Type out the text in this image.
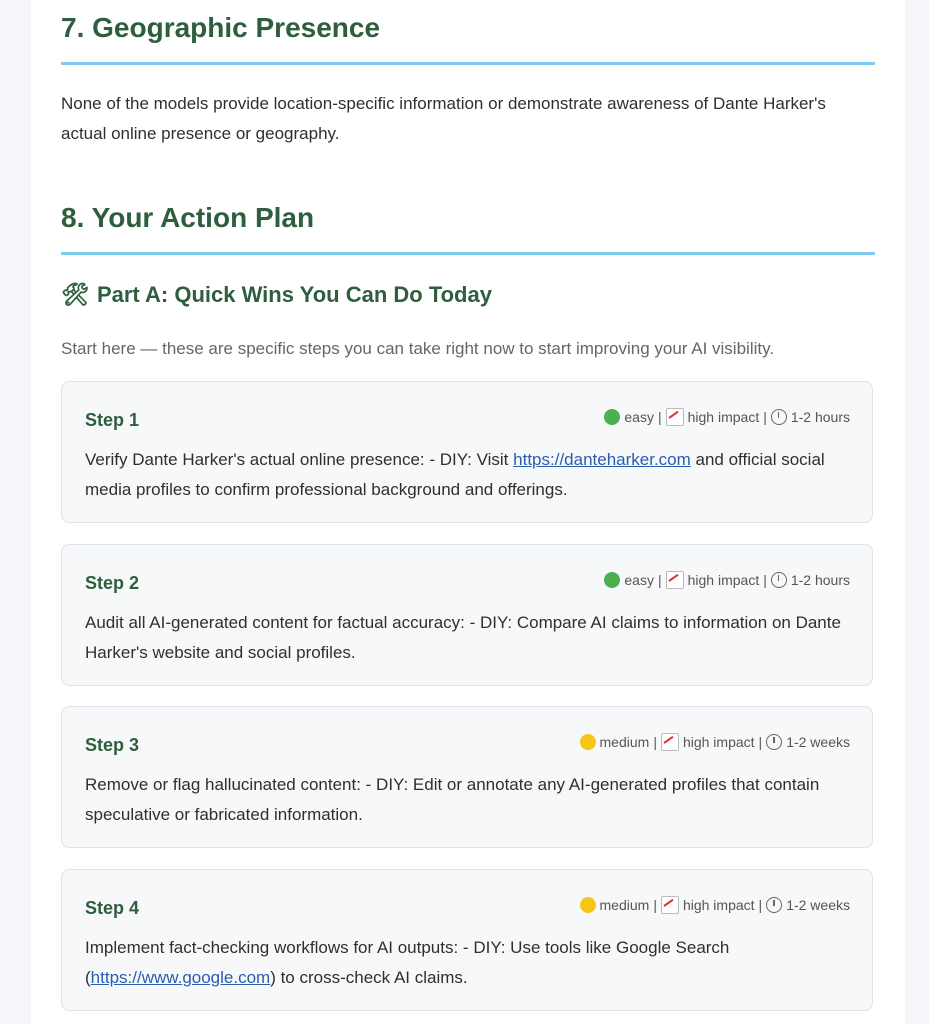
7. Geographic Presence

None of the models provide location-specific information or demonstrate awareness of Dante Harker's actual online presence or geography.

8. Your Action Plan
🛠 Part A: Quick Wins You Can Do Today

Start here — these are specific steps you can take right now to start improving your AI visibility.

Step 1	easy | high impact | 1-2 hours

Verify Dante Harker's actual online presence: - DIY: Visit https://danteharker.com and official social media profiles to confirm professional background and offerings.

Step 2	easy | high impact | 1-2 hours

Audit all AI-generated content for factual accuracy: - DIY: Compare AI claims to information on Dante Harker's website and social profiles.

Step 3	medium | high impact | 1-2 weeks

Remove or flag hallucinated content: - DIY: Edit or annotate any AI-generated profiles that contain speculative or fabricated information.

Step 4	medium | high impact | 1-2 weeks

Implement fact-checking workflows for AI outputs: - DIY: Use tools like Google Search (https://www.google.com) to cross-check AI claims.
